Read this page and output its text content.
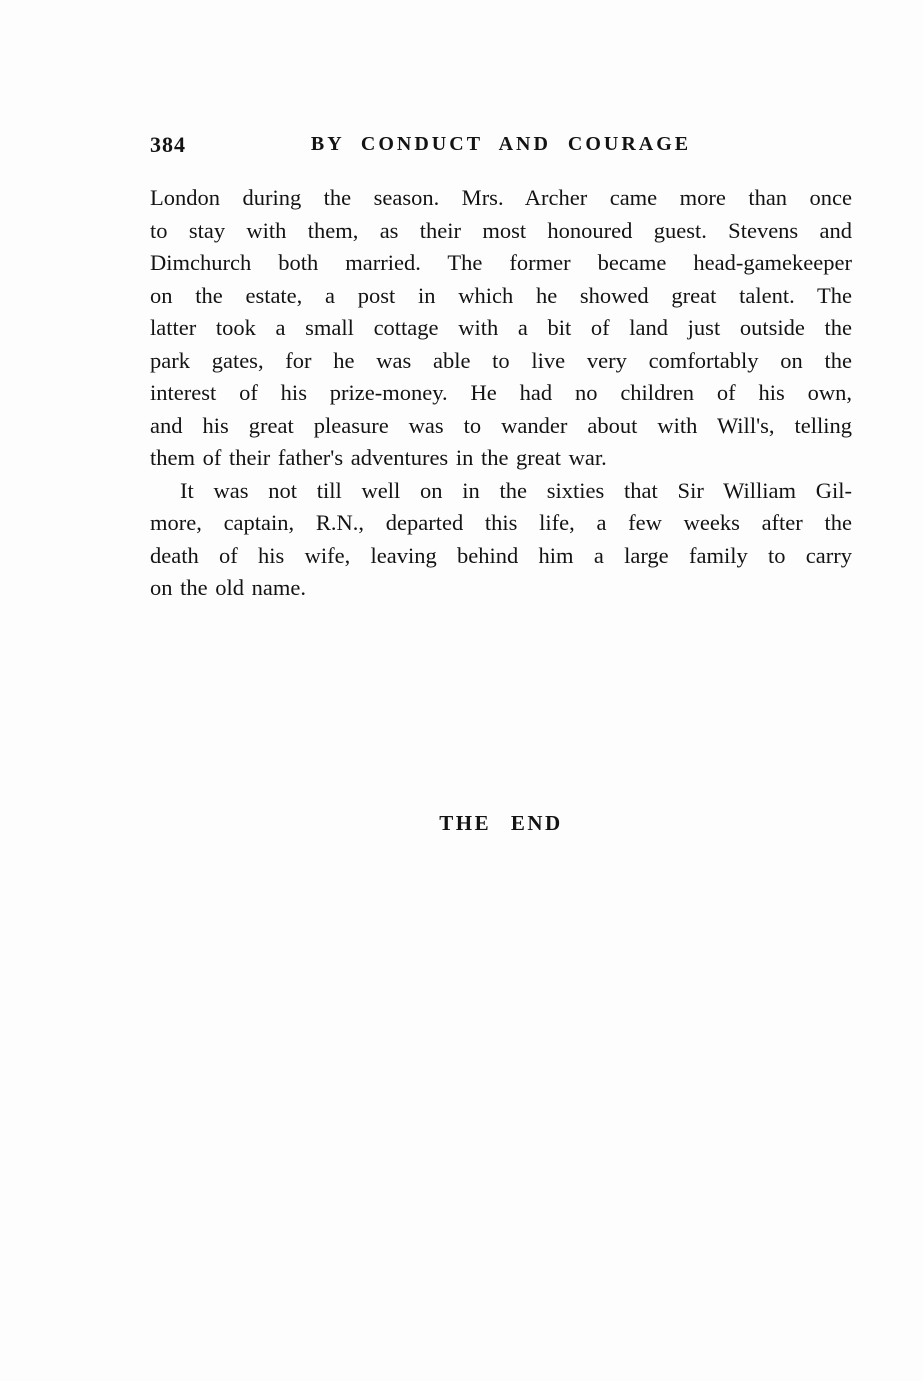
384	BY CONDUCT AND COURAGE

London during the season. Mrs. Archer came more than once

to stay with them, as their most honoured guest. Stevens and

Dimchurch both married. The former became head-gamekeeper

on the estate, a post in which he showed great talent. The

latter took a small cottage with a bit of land just outside the

park gates, for he was able to live very comfortably on the

interest of his prize-money. He had no children of his own,

and his great pleasure was to wander about with Will's, telling

them of their father's adventures in the great war.

It was not till well on in the sixties that Sir William Gil-

more, captain, R.N., departed this life, a few weeks after the

death of his wife, leaving behind him a large family to carry

on the old name.

THE END
